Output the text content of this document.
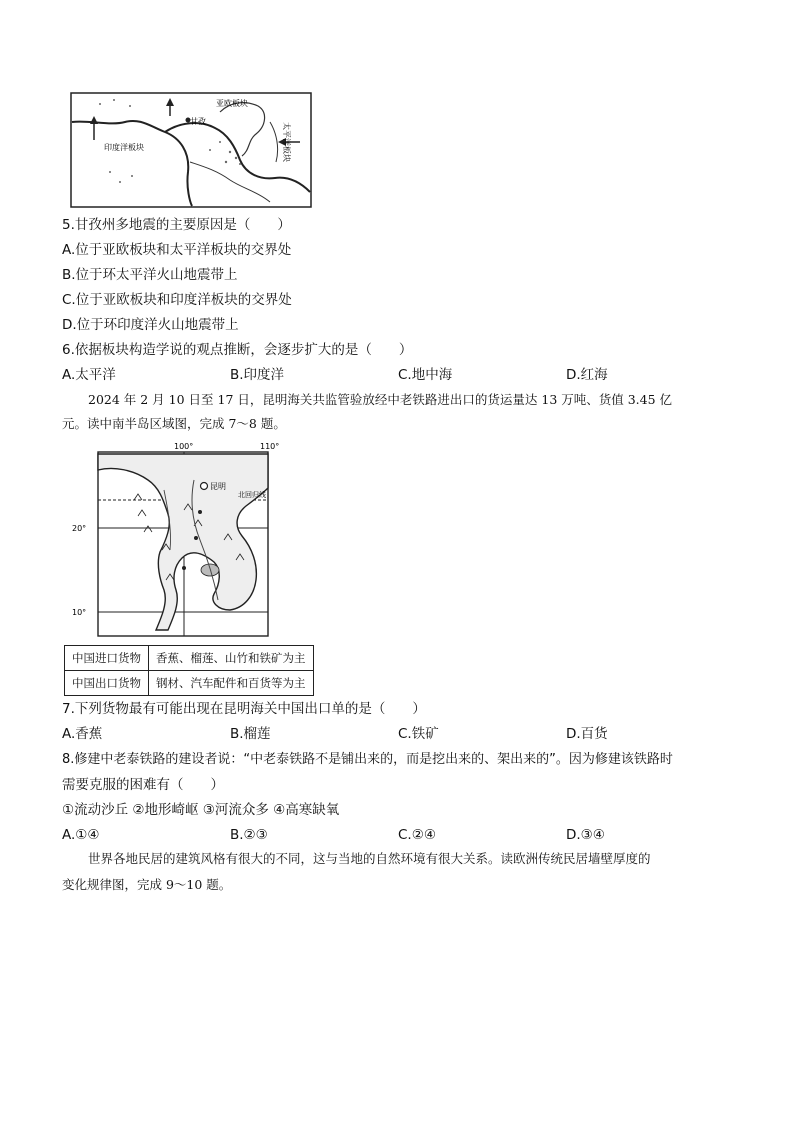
亚欧板块
甘孜
印度洋板块	太平洋板块
5.甘孜州多地震的主要原因是（　　）
A.位于亚欧板块和太平洋板块的交界处
B.位于环太平洋火山地震带上
C.位于亚欧板块和印度洋板块的交界处
D.位于环印度洋火山地震带上
6.依据板块构造学说的观点推断，会逐步扩大的是（　　）
A.太平洋	B.印度洋	C.地中海	D.红海
2024 年 2 月 10 日至 17 日，昆明海关共监管验放经中老铁路进出口的货运量达 13 万吨、货值 3.45 亿
元。读中南半岛区域图，完成 7～8 题。
昆明
北回归线
100°	110°
20°
10°
中国进口货物	香蕉、榴莲、山竹和铁矿为主
中国出口货物	钢材、汽车配件和百货等为主
7.下列货物最有可能出现在昆明海关中国出口单的是（　　）
A.香蕉	B.榴莲	C.铁矿	D.百货
8.修建中老泰铁路的建设者说：“中老泰铁路不是铺出来的，而是挖出来的、架出来的”。因为修建该铁路时
需要克服的困难有（　　）
①流动沙丘 ②地形崎岖 ③河流众多 ④高寒缺氧
A.①④	B.②③	C.②④	D.③④
世界各地民居的建筑风格有很大的不同，这与当地的自然环境有很大关系。读欧洲传统民居墙壁厚度的
变化规律图，完成 9～10 题。
